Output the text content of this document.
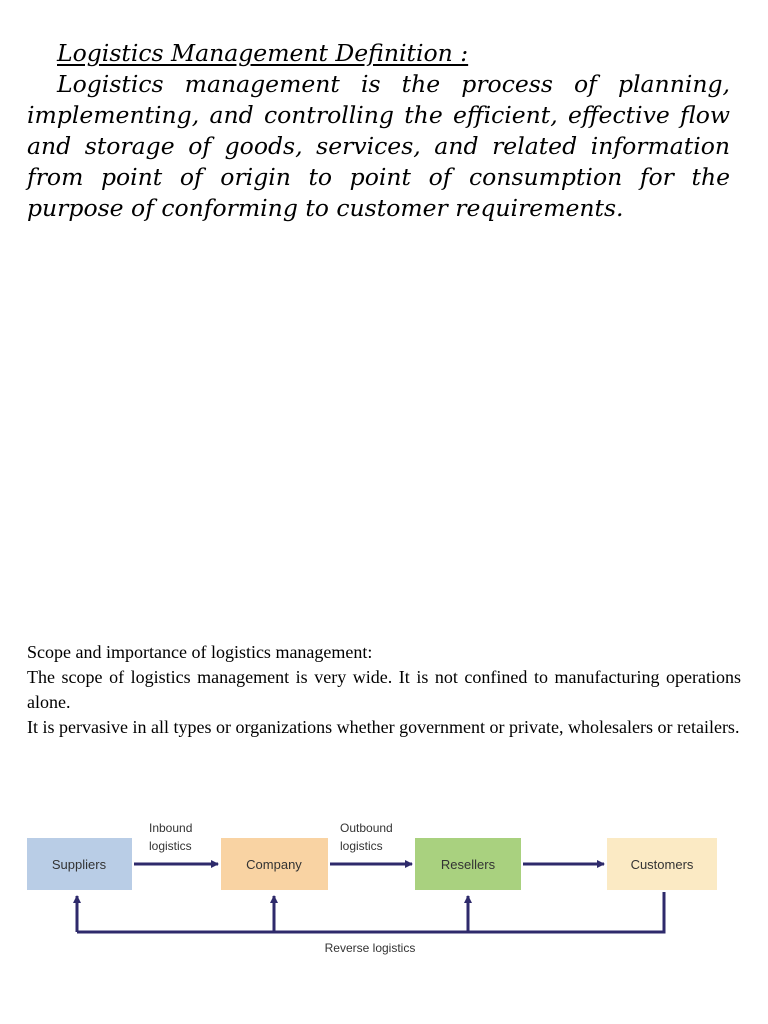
Logistics Management Definition :

Logistics management is the process of planning, implementing, and controlling the efficient, effective flow and storage of goods, services, and related information from point of origin to point of consumption for the purpose of conforming to customer requirements.

Scope and importance of logistics management:

The scope of logistics management is very wide. It is not confined to manufacturing operations alone.

It is pervasive in all types or organizations whether government or private, wholesalers or retailers.

Suppliers	Company	Resellers	Customers
Inbound
logistics
Outbound
logistics
Reverse logistics
